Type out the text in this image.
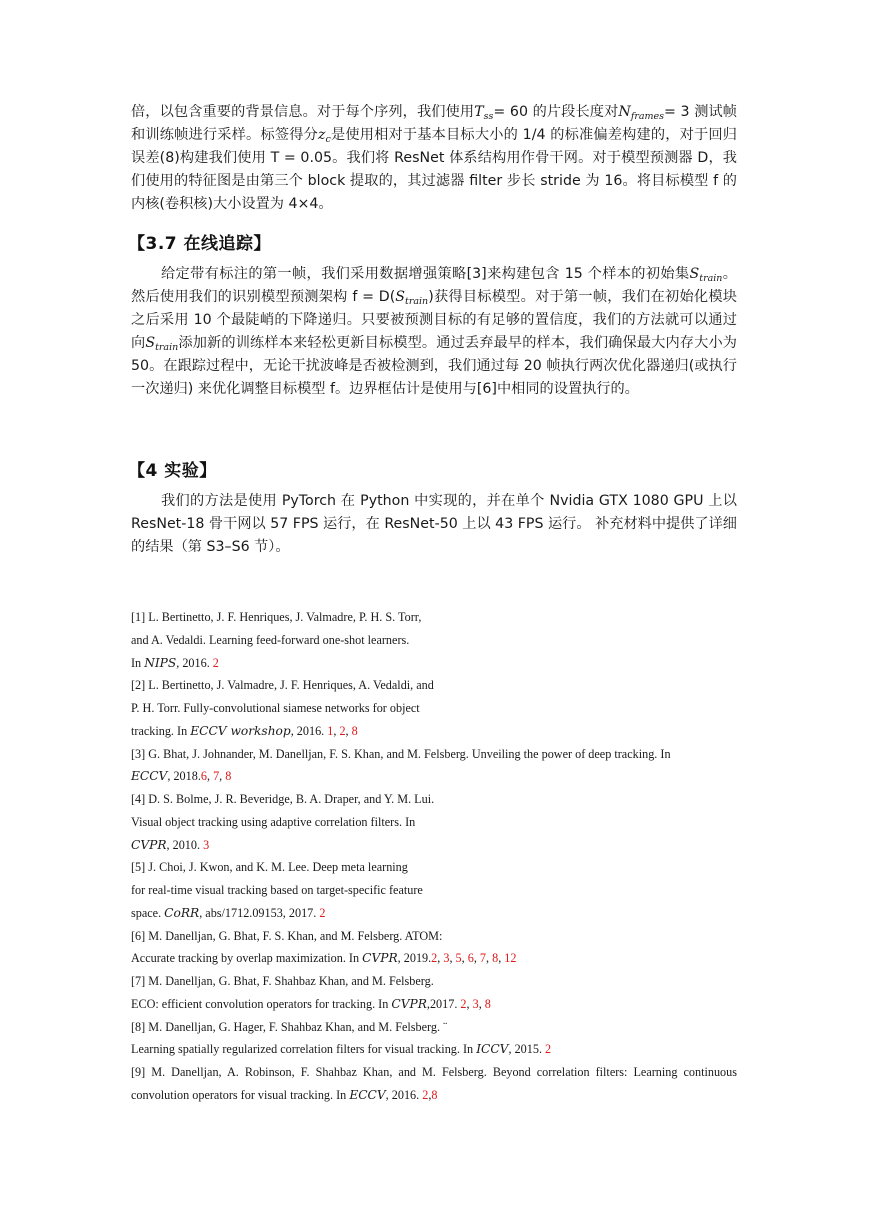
倍，以包含重要的背景信息。对于每个序列，我们使用$T_{ss}= 60$ 的片段长度对$N_{frames}= 3$ 测试帧和训练帧进行采样。标签得分$z_c$是使用相对于基本目标大小的 1/4 的标准偏差构建的，对于回归误差(8)构建我们使用 T = 0.05。我们将 ResNet 体系结构用作骨干网。对于模型预测器 D，我们使用的特征图是由第三个 block 提取的，其过滤器 filter 步长 stride 为 16。将目标模型 f 的内核(卷积核)大小设置为 4×4。

【3.7 在线追踪】

给定带有标注的第一帧，我们采用数据增强策略[3]来构建包含 15 个样本的初始集$S_{train}$。然后使用我们的识别模型预测架构 $f = D(S_{train})$获得目标模型。对于第一帧，我们在初始化模块之后采用 10 个最陡峭的下降递归。只要被预测目标的有足够的置信度，我们的方法就可以通过向$S_{train}$添加新的训练样本来轻松更新目标模型。通过丢弃最早的样本，我们确保最大内存大小为 50。在跟踪过程中，无论干扰波峰是否被检测到，我们通过每 20 帧执行两次优化器递归(或执行一次递归) 来优化调整目标模型 f。边界框估计是使用与[6]中相同的设置执行的。

【4 实验】

我们的方法是使用 PyTorch 在 Python 中实现的，并在单个 Nvidia GTX 1080 GPU 上以 ResNet-18 骨干网以 57 FPS 运行，在 ResNet-50 上以 43 FPS 运行。 补充材料中提供了详细的结果（第 S3–S6 节）。

[1] L. Bertinetto, J. F. Henriques, J. Valmadre, P. H. S. Torr,
and A. Vedaldi. Learning feed-forward one-shot learners.
In NIPS, 2016. 2
[2] L. Bertinetto, J. Valmadre, J. F. Henriques, A. Vedaldi, and
P. H. Torr. Fully-convolutional siamese networks for object
tracking. In ECCV workshop, 2016. 1, 2, 8
[3] G. Bhat, J. Johnander, M. Danelljan, F. S. Khan, and M. Felsberg. Unveiling the power of deep tracking. In
ECCV, 2018.6, 7, 8
[4] D. S. Bolme, J. R. Beveridge, B. A. Draper, and Y. M. Lui.
Visual object tracking using adaptive correlation filters. In
CVPR, 2010. 3
[5] J. Choi, J. Kwon, and K. M. Lee. Deep meta learning
for real-time visual tracking based on target-specific feature
space. CoRR, abs/1712.09153, 2017. 2
[6] M. Danelljan, G. Bhat, F. S. Khan, and M. Felsberg. ATOM:
Accurate tracking by overlap maximization. In CVPR, 2019.2, 3, 5, 6, 7, 8, 12
[7] M. Danelljan, G. Bhat, F. Shahbaz Khan, and M. Felsberg.
ECO: efficient convolution operators for tracking. In CVPR,2017. 2, 3, 8
[8] M. Danelljan, G. Hager, F. Shahbaz Khan, and M. Felsberg. ¨
Learning spatially regularized correlation filters for visual tracking. In ICCV, 2015. 2
[9] M. Danelljan, A. Robinson, F. Shahbaz Khan, and M. Felsberg. Beyond correlation filters: Learning continuous convolution operators for visual tracking. In ECCV, 2016. 2,8
